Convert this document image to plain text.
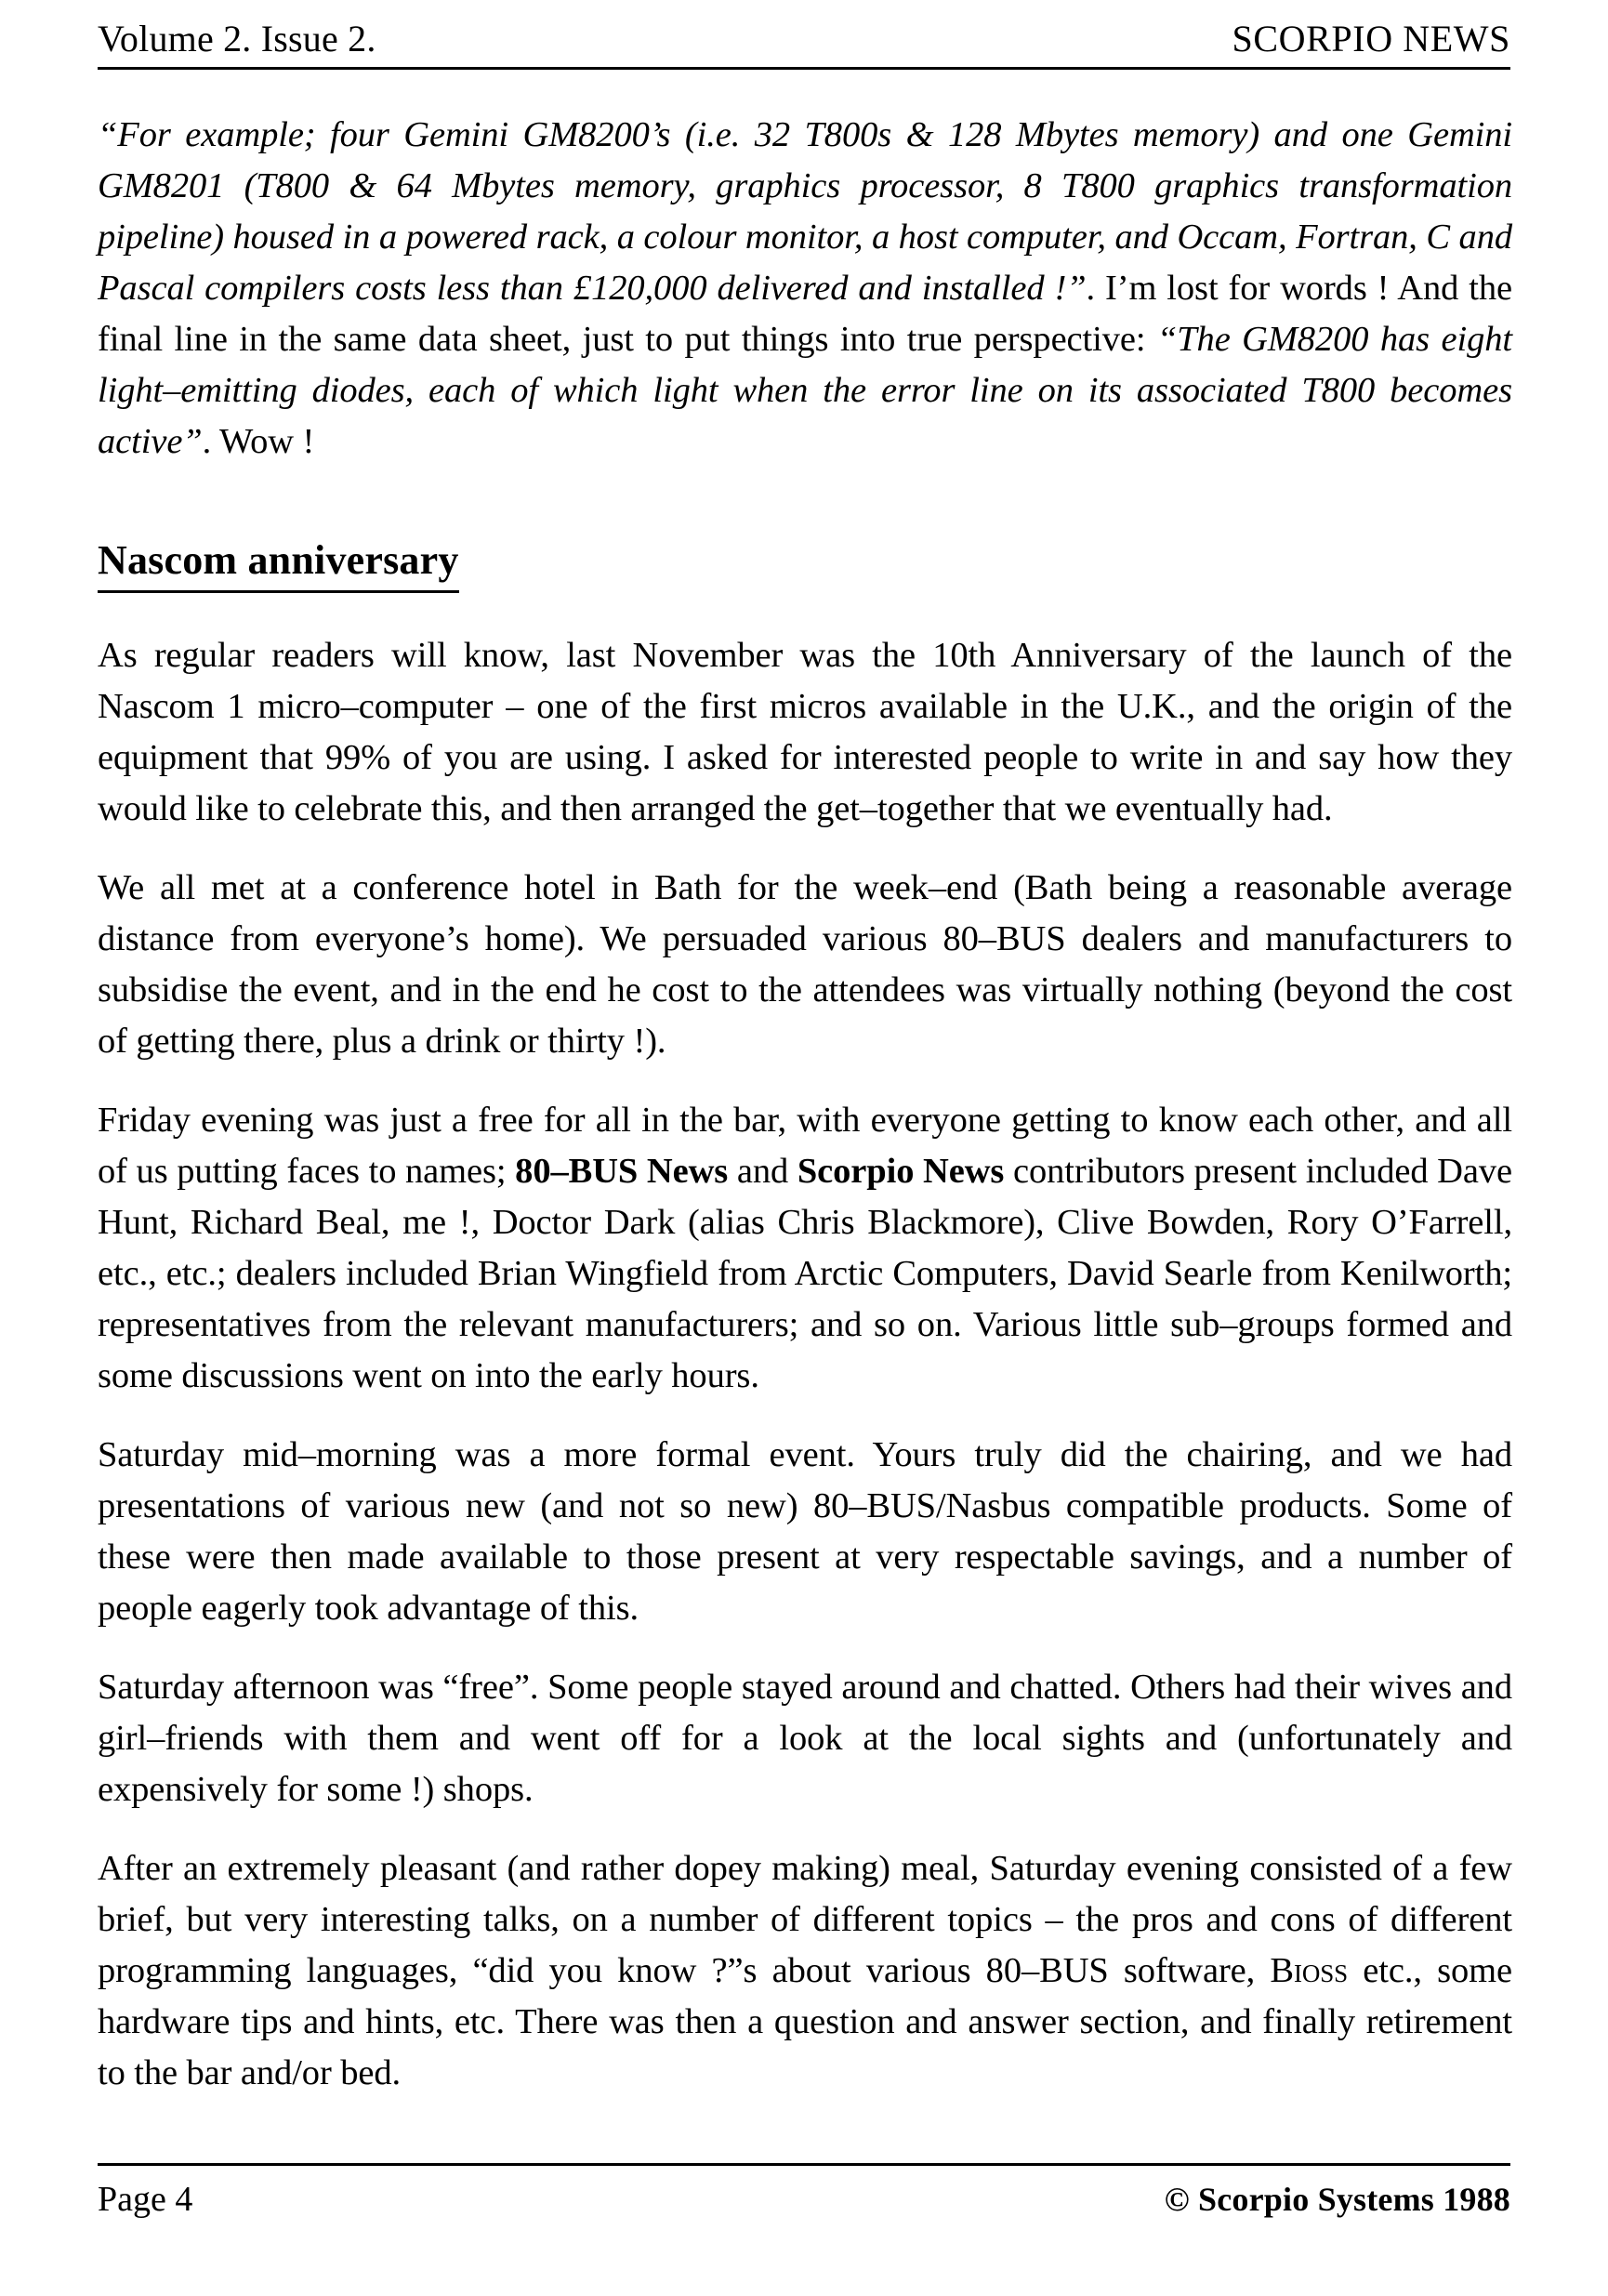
Volume 2. Issue 2.	SCORPIO NEWS

“For example; four Gemini GM8200’s (i.e. 32 T800s & 128 Mbytes memory) and one Gemini GM8201 (T800 & 64 Mbytes memory, graphics processor, 8 T800 graphics transformation pipeline) housed in a powered rack, a colour monitor, a host computer, and Occam, Fortran, C and Pascal compilers costs less than £120,000 delivered and installed !”. I’m lost for words ! And the final line in the same data sheet, just to put things into true perspective: “The GM8200 has eight light–emitting diodes, each of which light when the error line on its associated T800 becomes active”. Wow !

Nascom anniversary

As regular readers will know, last November was the 10th Anniversary of the launch of the Nascom 1 micro–computer – one of the first micros available in the U.K., and the origin of the equipment that 99% of you are using. I asked for interested people to write in and say how they would like to celebrate this, and then arranged the get–together that we eventually had.

We all met at a conference hotel in Bath for the week–end (Bath being a reasonable average distance from everyone’s home). We persuaded various 80–BUS dealers and manufacturers to subsidise the event, and in the end he cost to the attendees was virtually nothing (beyond the cost of getting there, plus a drink or thirty !).

Friday evening was just a free for all in the bar, with everyone getting to know each other, and all of us putting faces to names; 80–BUS News and Scorpio News contributors present included Dave Hunt, Richard Beal, me !, Doctor Dark (alias Chris Blackmore), Clive Bowden, Rory O’Farrell, etc., etc.; dealers included Brian Wingfield from Arctic Computers, David Searle from Kenilworth; representatives from the relevant manufacturers; and so on. Various little sub–groups formed and some discussions went on into the early hours.

Saturday mid–morning was a more formal event. Yours truly did the chairing, and we had presentations of various new (and not so new) 80–BUS/Nasbus compatible products. Some of these were then made available to those present at very respectable savings, and a number of people eagerly took advantage of this.

Saturday afternoon was “free”. Some people stayed around and chatted. Others had their wives and girl–friends with them and went off for a look at the local sights and (unfortunately and expensively for some !) shops.

After an extremely pleasant (and rather dopey making) meal, Saturday evening consisted of a few brief, but very interesting talks, on a number of different topics – the pros and cons of different programming languages, “did you know ?”s about various 80–BUS software, Bioss etc., some hardware tips and hints, etc. There was then a question and answer section, and finally retirement to the bar and/or bed.

Page 4	© Scorpio Systems 1988
